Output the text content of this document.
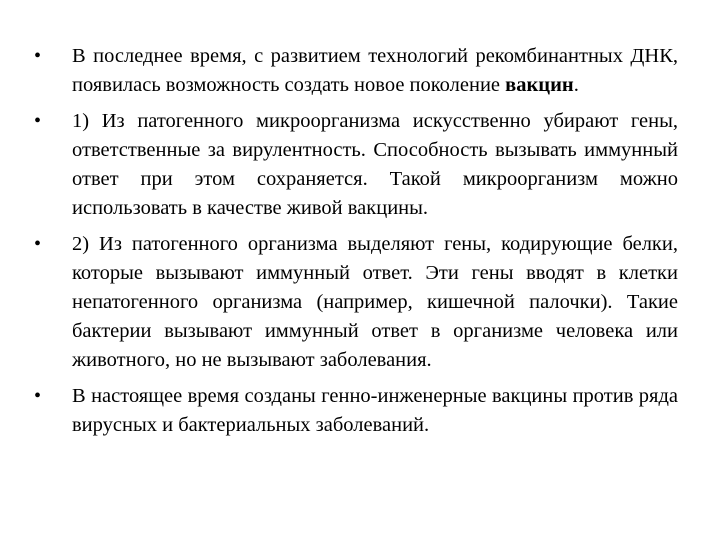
• В последнее время, с развитием технологий рекомбинантных ДНК, появилась возможность создать новое поколение вакцин.
• 1) Из патогенного микроорганизма искусственно убирают гены, ответственные за вирулентность. Способность вызывать иммунный ответ при этом сохраняется. Такой микроорганизм можно использовать в качестве живой вакцины.
• 2) Из патогенного организма выделяют гены, кодирующие белки, которые вызывают иммунный ответ. Эти гены вводят в клетки непатогенного организма (например, кишечной палочки). Такие бактерии вызывают иммунный ответ в организме человека или животного, но не вызывают заболевания.
• В настоящее время созданы генно-инженерные вакцины против ряда вирусных и бактериальных заболеваний.
